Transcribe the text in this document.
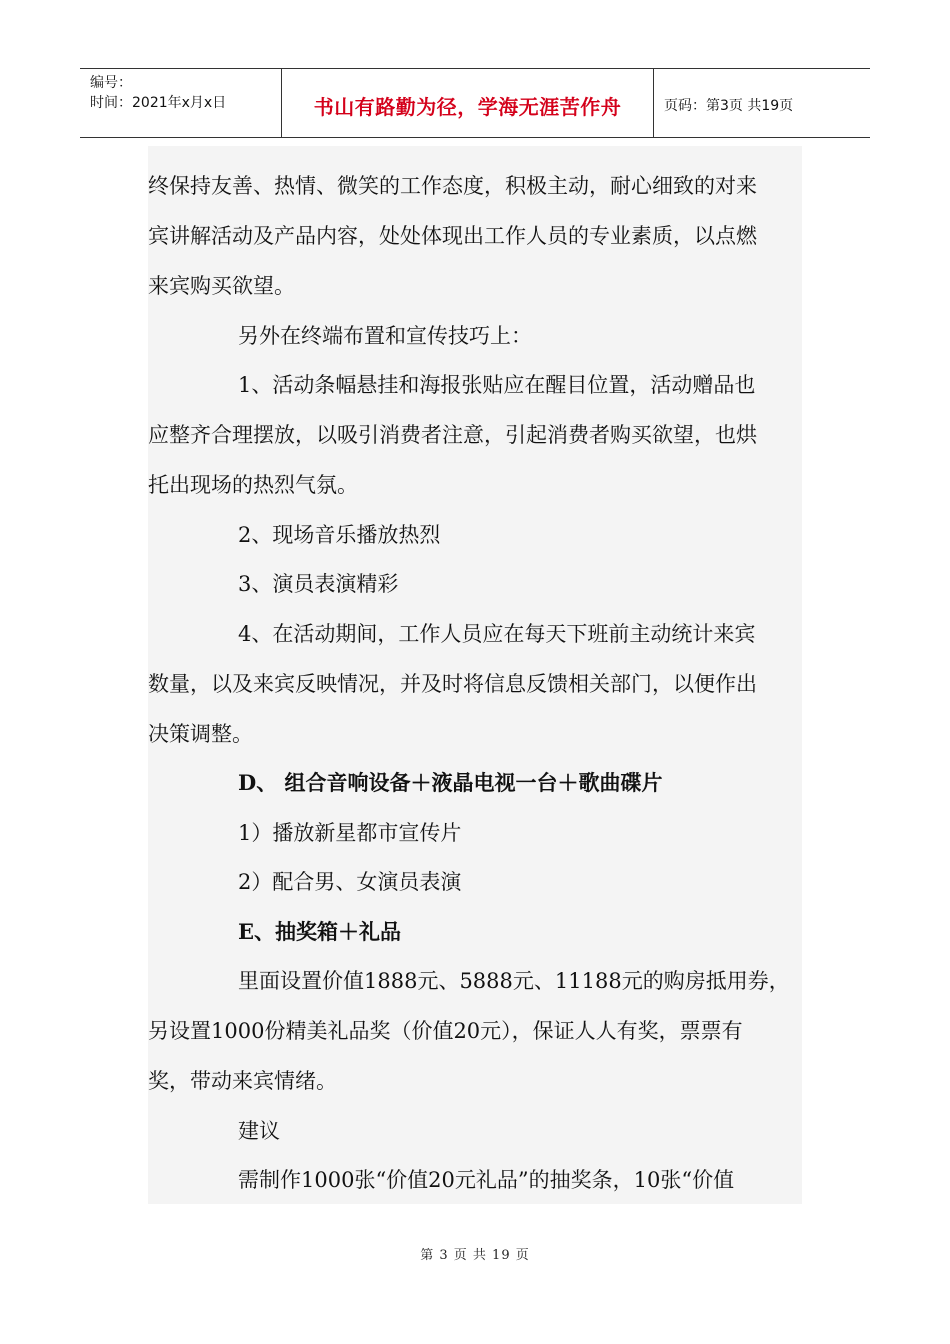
编号：
时间：2021年x月x日	书山有路勤为径，学海无涯苦作舟	页码：第3页 共19页
终保持友善、热情、微笑的工作态度，积极主动，耐心细致的对来
宾讲解活动及产品内容，处处体现出工作人员的专业素质，以点燃
来宾购买欲望。
另外在终端布置和宣传技巧上：
1、活动条幅悬挂和海报张贴应在醒目位置，活动赠品也
应整齐合理摆放，以吸引消费者注意，引起消费者购买欲望，也烘
托出现场的热烈气氛。
2、现场音乐播放热烈
3、演员表演精彩
4、在活动期间，工作人员应在每天下班前主动统计来宾
数量，以及来宾反映情况，并及时将信息反馈相关部门，以便作出
决策调整。
D、 组合音响设备＋液晶电视一台＋歌曲碟片
1）播放新星都市宣传片
2）配合男、女演员表演
E、抽奖箱＋礼品
里面设置价值1888元、5888元、11188元的购房抵用券，
另设置1000份精美礼品奖（价值20元），保证人人有奖，票票有
奖，带动来宾情绪。
建议
需制作1000张“价值20元礼品”的抽奖条，10张“价值
第 3 页 共 19 页
